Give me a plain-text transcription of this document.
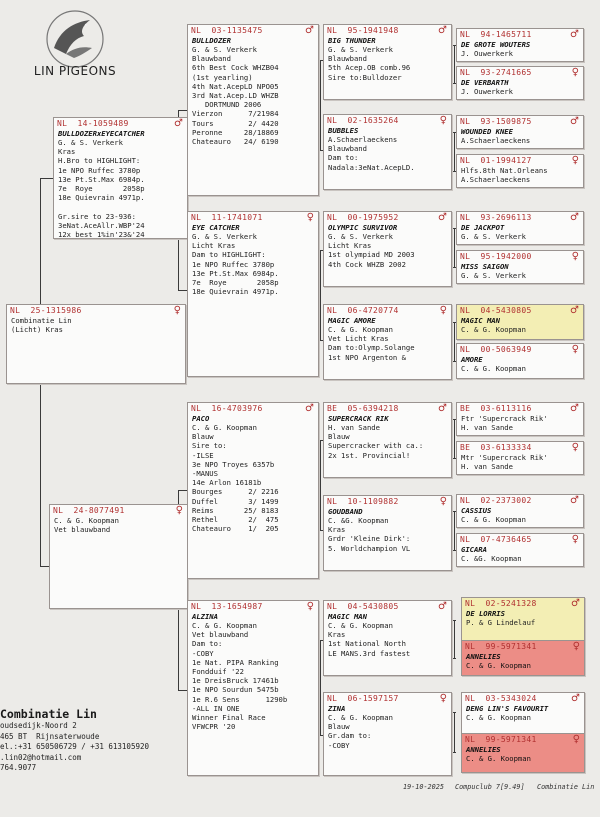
LIN PIGEONS
NL 25-1315986	♀
Combinatie Lin
(Licht) Kras
NL 14-1059489	♂
BULLDOZERxEYECATCHER
G. & S. Verkerk
Kras
H.Bro to HIGHLIGHT:
1e NPO Ruffec 3780p
13e Pt.St.Max 6984p.
7e  Roye       2058p
18e Quievrain 4971p.

Gr.sire to 23-936:
3eNat.AceAllr.WBP'24
12x best 1%in'23&'24
NL 24-8077491	♀
C. & G. Koopman
Vet blauwband
NL 03-1135475	♂
BULLDOZER
G. & S. Verkerk
Blauwband
6th Best Cock WHZB04
(1st yearling)
4th Nat.AcepLD NPO05
3rd Nat.Acep.LD WHZB
DORTMUND 2006
Vierzon      7/21984
Tours        2/ 4420
Peronne     28/18869
Chateauro   24/ 6190
NL 11-1741071	♀
EYE CATCHER
G. & S. Verkerk
Licht Kras
Dam to HIGHLIGHT:
1e NPO Ruffec 3780p
13e Pt.St.Max 6984p.
7e  Roye       2058p
18e Quievrain 4971p.
NL 16-4703976	♂
PACO
C. & G. Koopman
Blauw
Sire to:
-ILSE
3e NPO Troyes 6357b
-MANUS
14e Arlon 16181b
Bourges      2/ 2216
Duffel       3/ 1499
Reims       25/ 8183
Rethel       2/  475
Chateauro    1/  205
NL 13-1654987	♀
ALZINA
C. & G. Koopman
Vet blauwband
Dam to:
-COBY
1e Nat. PIPA Ranking
Fondduif '22
1e DreisBruck 17461b
1e NPO Sourdun 5475b
1e R.6 Sens      1290b
-ALL IN ONE
Winner Final Race
VFWCPR '20
NL 95-1941948	♂
BIG THUNDER
G. & S. Verkerk
Blauwband
5th Acep.OB comb.96
Sire to:Bulldozer
NL 02-1635264	♀
BUBBLES
A.Schaerlaeckens
Blauwband
Dam to:
Nadala:3eNat.AcepLD.
NL 00-1975952	♂
OLYMPIC SURVIVOR
G. & S. Verkerk
Licht Kras
1st olympiad MD 2003
4th Cock WHZB 2002
NL 06-4720774	♀
MAGIC AMORE
C. & G. Koopman
Vet Licht Kras
Dam to:Olymp.Solange
1st NPO Argenton &
BE 05-6394218	♂
SUPERCRACK RIK
H. van Sande
Blauw
Supercracker with ca.:
2x 1st. Provincial!
NL 10-1109882	♀
GOUDBAND
C. &G. Koopman
Kras
Grdr 'Kleine Dirk':
5. Worldchampion VL
NL 04-5430805	♂
MAGIC MAN
C. & G. Koopman
Kras
1st National North
LE MANS.3rd fastest
NL 06-1597157	♀
ZINA
C. & G. Koopman
Blauw
Gr.dam to:
-COBY
NL 94-1465711	♂
DE GROTE WOUTERS
J. Ouwerkerk
NL 93-2741665	♀
DE VERBARTH
J. Ouwerkerk
NL 93-1509875	♂
WOUNDED KNEE
A.Schaerlaeckens
NL 01-1994127	♀
Hlfs.8th Nat.Orleans
A.Schaerlaeckens
NL 93-2696113	♂
DE JACKPOT
G. & S. Verkerk
NL 95-1942000	♀
MISS SAIGON
G. & S. Verkerk
NL 04-5430805	♂
MAGIC MAN
C. & G. Koopman
NL 00-5063949	♀
AMORE
C. & G. Koopman
BE 03-6113116	♂
Ftr 'Supercrack Rik'
H. van Sande
BE 03-6133334	♀
Mtr 'Supercrack Rik'
H. van Sande
NL 02-2373002	♂
CASSIUS
C. & G. Koopman
NL 07-4736465	♀
GICARA
C. &G. Koopman
NL 02-5241328	♂
DE LORRIS
P. & G Lindelauf
NL 99-5971341	♀
ANNELIES
C. & G. Koopman
NL 03-5343024	♂
DENG LIN'S FAVOURIT
C. & G. Koopman
NL 99-5971341	♀
ANNELIES
C. & G. Koopman
Combinatie Lin
oudsedijk-Noord 2
465 BT  Rijnsaterwoude
el.:+31 650506729 / +31 613105920
.lin02@hotmail.com
764.9077
19-10-2025 Compuclub 7[9.49] Combinatie Lin
